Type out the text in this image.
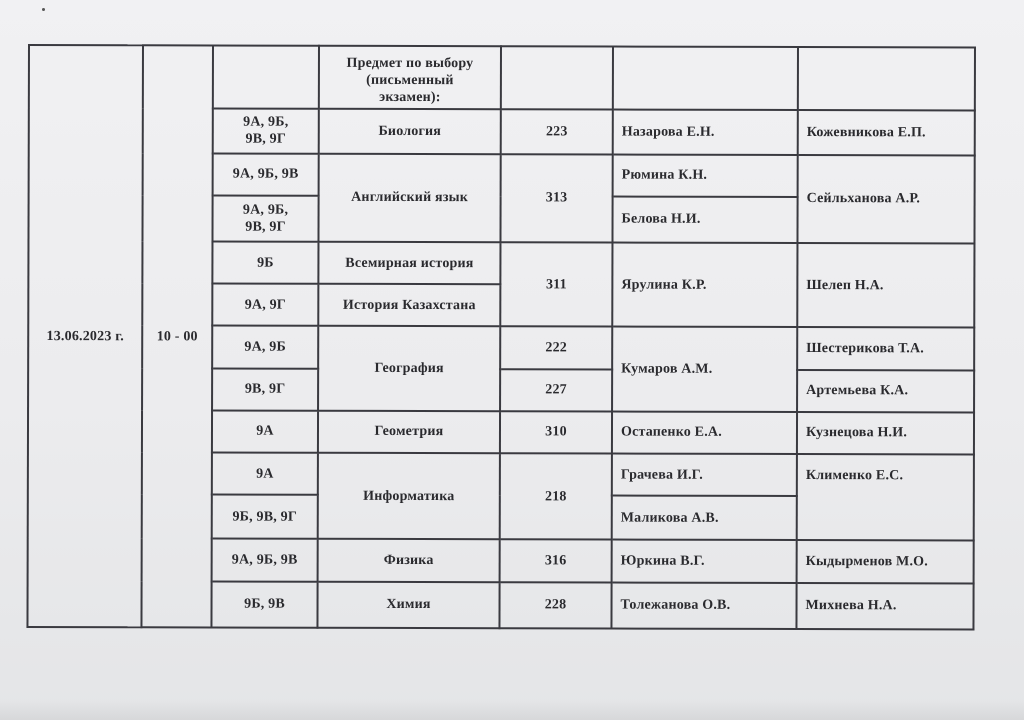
13.06.2023 г.	10 - 00		Предмет по выбору
(письменный
экзамен):			
		9А, 9Б,
9В, 9Г	Биология	223	Назарова Е.Н.	Кожевникова Е.П.
		9А, 9Б, 9В	Английский язык	313	Рюмина К.Н.	Сейльханова А.Р.
		9А, 9Б,
9В, 9Г			Белова Н.И.	
		9Б	Всемирная история	311	Ярулина К.Р.	Шелеп Н.А.
		9А, 9Г	История Казахстана			
		9А, 9Б	География	222	Кумаров А.М.	Шестерикова Т.А.
		9В, 9Г		227		Артемьева К.А.
		9А	Геометрия	310	Остапенко Е.А.	Кузнецова Н.И.
		9А	Информатика	218	Грачева И.Г.	Клименко Е.С.
		9Б, 9В, 9Г			Маликова А.В.	
		9А, 9Б, 9В	Физика	316	Юркина В.Г.	Кыдырменов М.О.
		9Б, 9В	Химия	228	Толежанова О.В.	Михнева Н.А.
